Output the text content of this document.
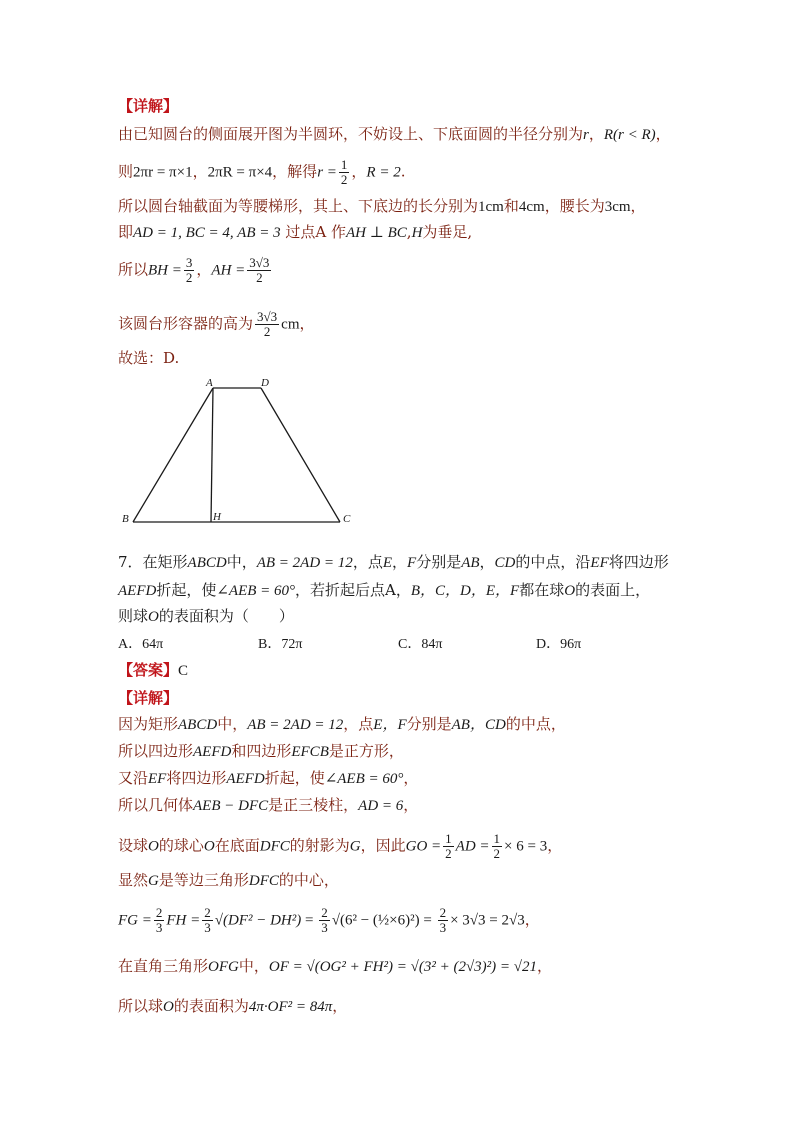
【详解】
由已知圆台的侧面展开图为半圆环，不妨设上、下底面圆的半径分别为r，R(r < R)，
则2πr = π×1，2πR = π×4，解得$r = \frac{1}{2}$ ，R = 2.
所以圆台轴截面为等腰梯形，其上、下底边的长分别为1cm和4cm，腰长为3cm，
即AD = 1, BC = 4, AB = 3 过点A 作AH ⊥ BC,H为垂足,
所以BH = $\frac{3}{2}$ ，AH = $\frac{3√3}{2}$
该圆台形容器的高为 $\frac{3√3}{2}$ cm，
故选：D.
A	D
B	H	C
7．在矩形ABCD中，AB = 2AD = 12，点E，F分别是AB，CD的中点，沿EF将四边形
AEFD折起，使∠AEB = 60°，若折起后点A，B，C，D，E，F都在球O的表面上，
则球O的表面积为（　　）
A．64π	B．72π	C．84π	D．96π
【答案】C
【详解】
因为矩形ABCD中，AB = 2AD = 12，点E，F分别是AB，CD的中点，
所以四边形AEFD和四边形EFCB是正方形，
又沿EF将四边形AEFD折起，使∠AEB = 60°，
所以几何体AEB − DFC是正三棱柱，AD = 6，
设球O的球心O在底面DFC的射影为G，因此GO = $\frac{1}{2}$ AD = $\frac{1}{2} \times 6 = 3$，
显然G是等边三角形DFC的中心，
FG = $\frac{2}{3}$ FH = $\frac{2}{3} √(DF^2 - DH^2) = \frac{2}{3} √(6^2$ − (½×6)²) = $\frac{2}{3} \times 3√3 = 2√3$，
在直角三角形OFG中，OF = √(OG² + FH²) = √(3² + (2√3)²) = √21，
所以球O的表面积为4π·OF² = 84π，
